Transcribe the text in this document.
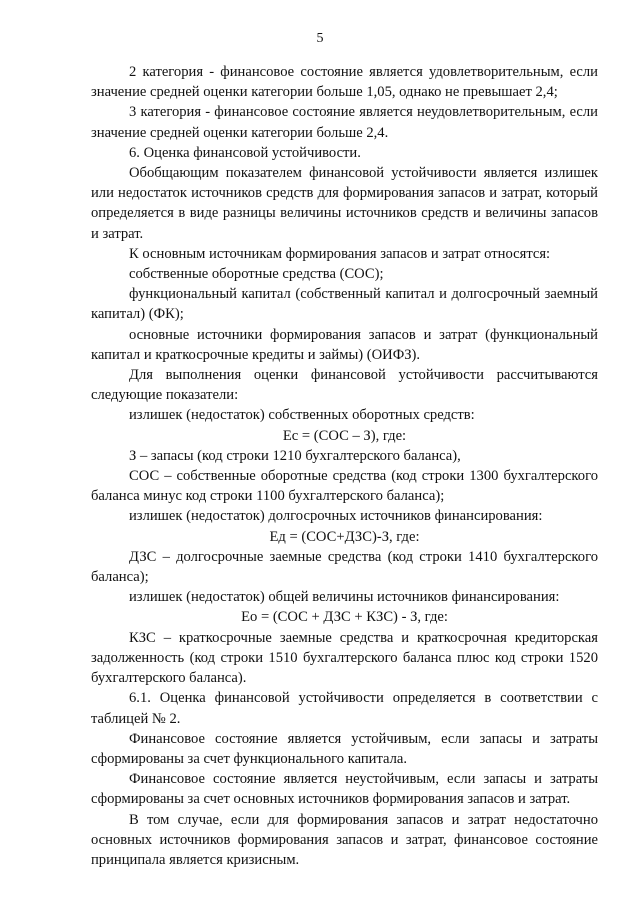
5

2 категория - финансовое состояние является удовлетворительным, если значение средней оценки категории больше 1,05, однако не превышает 2,4;

3 категория - финансовое состояние является неудовлетворительным, если значение средней оценки категории больше 2,4.

6. Оценка финансовой устойчивости.

Обобщающим показателем финансовой устойчивости является излишек или недостаток источников средств для формирования запасов и затрат, который определяется в виде разницы величины источников средств и величины запасов и затрат.

К основным источникам формирования запасов и затрат относятся:

собственные оборотные средства (СОС);

функциональный капитал (собственный капитал и долгосрочный заемный капитал) (ФК);

основные источники формирования запасов и затрат (функциональный капитал и краткосрочные кредиты и займы) (ОИФЗ).

Для выполнения оценки финансовой устойчивости рассчитываются следующие показатели:

излишек (недостаток) собственных оборотных средств:

Ес = (СОС – З), где:

З – запасы (код строки 1210 бухгалтерского баланса),

СОС – собственные оборотные средства (код строки 1300 бухгалтерского баланса минус код строки 1100 бухгалтерского баланса);

излишек (недостаток) долгосрочных источников финансирования:

Ед = (СОС+ДЗС)-З, где:

ДЗС – долгосрочные заемные средства (код строки 1410 бухгалтерского баланса);

излишек (недостаток) общей величины источников финансирования:

Ео = (СОС + ДЗС + КЗС) - З, где:

КЗС – краткосрочные заемные средства и краткосрочная кредиторская задолженность (код строки 1510 бухгалтерского баланса плюс код строки 1520 бухгалтерского баланса).

6.1. Оценка финансовой устойчивости определяется в соответствии с таблицей № 2.

Финансовое состояние является устойчивым, если запасы и затраты сформированы за счет функционального капитала.

Финансовое состояние является неустойчивым, если запасы и затраты сформированы за счет основных источников формирования запасов и затрат.

В том случае, если для формирования запасов и затрат недостаточно основных источников формирования запасов и затрат, финансовое состояние принципала является кризисным.
